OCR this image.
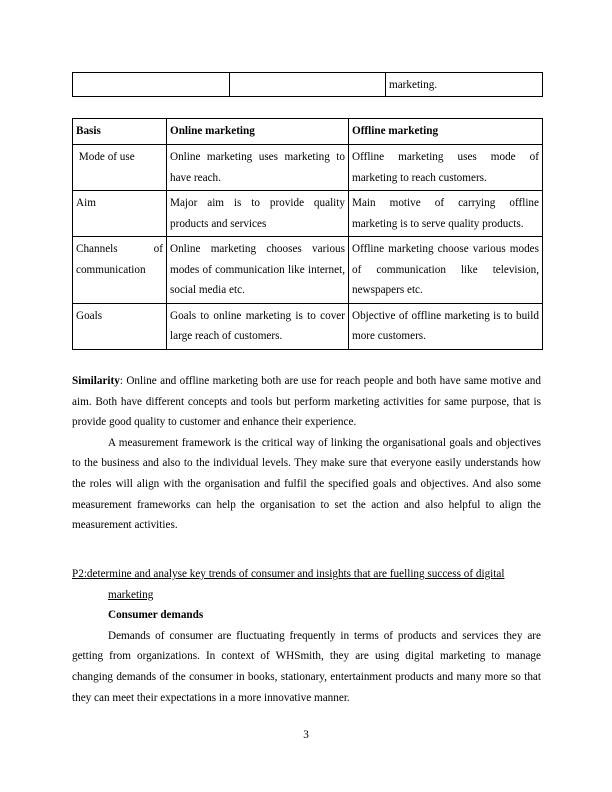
		marketing.
Basis	Online marketing	Offline marketing
Mode of use	Online marketing uses marketing to have reach.	Offline marketing uses mode of marketing to reach customers.
Aim	Major aim is to provide quality products and services	Main motive of carrying offline marketing is to serve quality products.
Channels of communication	Online marketing chooses various modes of communication like internet, social media etc.	Offline marketing choose various modes of communication like television, newspapers etc.
Goals	Goals to online marketing is to cover large reach of customers.	Objective of offline marketing is to build more customers.

Similarity: Online and offline marketing both are use for reach people and both have same motive and aim. Both have different concepts and tools but perform marketing activities for same purpose, that is provide good quality to customer and enhance their experience.

A measurement framework is the critical way of linking the organisational goals and objectives to the business and also to the individual levels. They make sure that everyone easily understands how the roles will align with the organisation and fulfil the specified goals and objectives. And also some measurement frameworks can help the organisation to set the action and also helpful to align the measurement activities.

P2:determine and analyse key trends of consumer and insights that are fuelling success of digital marketing

Consumer demands

Demands of consumer are fluctuating frequently in terms of products and services they are getting from organizations. In context of WHSmith, they are using digital marketing to manage changing demands of the consumer in books, stationary, entertainment products and many more so that they can meet their expectations in a more innovative manner.

3
